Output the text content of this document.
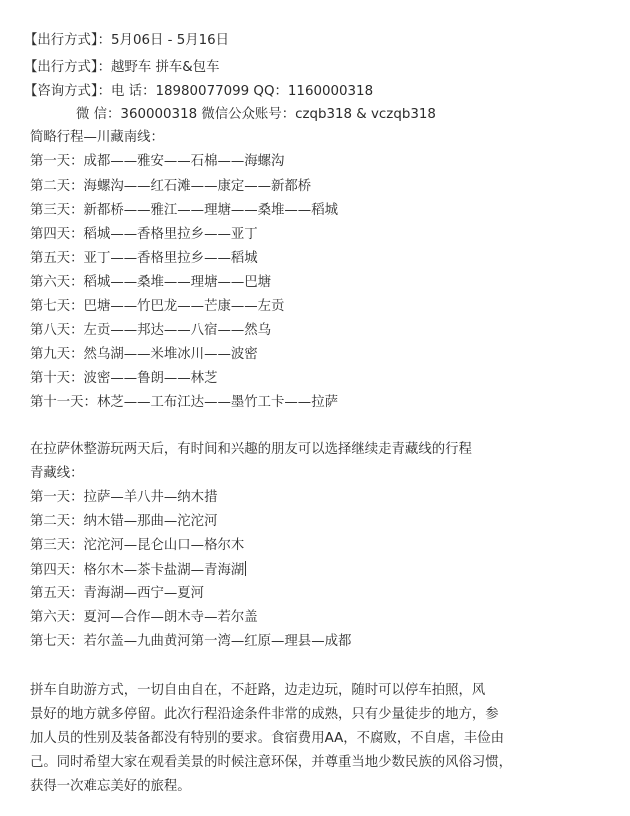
【出行方式】：5月06日 - 5月16日
【出行方式】：越野车 拼车&包车
【咨询方式】：电 话：18980077099 QQ：1160000318
微 信：360000318 微信公众账号：czqb318 & vczqb318
简略行程—川藏南线：
第一天：成都——雅安——石棉——海螺沟
第二天：海螺沟——红石滩——康定——新都桥
第三天：新都桥——雅江——理塘——桑堆——稻城
第四天：稻城——香格里拉乡——亚丁
第五天：亚丁——香格里拉乡——稻城
第六天：稻城——桑堆——理塘——巴塘
第七天：巴塘——竹巴龙——芒康——左贡
第八天：左贡——邦达——八宿——然乌
第九天：然乌湖——米堆冰川——波密
第十天：波密——鲁朗——林芝
第十一天：林芝——工布江达——墨竹工卡——拉萨
在拉萨休整游玩两天后，有时间和兴趣的朋友可以选择继续走青藏线的行程
青藏线：
第一天：拉萨—羊八井—纳木措
第二天：纳木错—那曲—沱沱河
第三天：沱沱河—昆仑山口—格尔木
第四天：格尔木—茶卡盐湖—青海湖
第五天：青海湖—西宁—夏河
第六天：夏河—合作—朗木寺—若尔盖
第七天：若尔盖—九曲黄河第一湾—红原—理县—成都
拼车自助游方式，一切自由自在，不赶路，边走边玩，随时可以停车拍照，风
景好的地方就多停留。此次行程沿途条件非常的成熟，只有少量徒步的地方，参
加人员的性别及装备都没有特别的要求。食宿费用AA，不腐败，不自虐，丰俭由
己。同时希望大家在观看美景的时候注意环保，并尊重当地少数民族的风俗习惯，
获得一次难忘美好的旅程。
